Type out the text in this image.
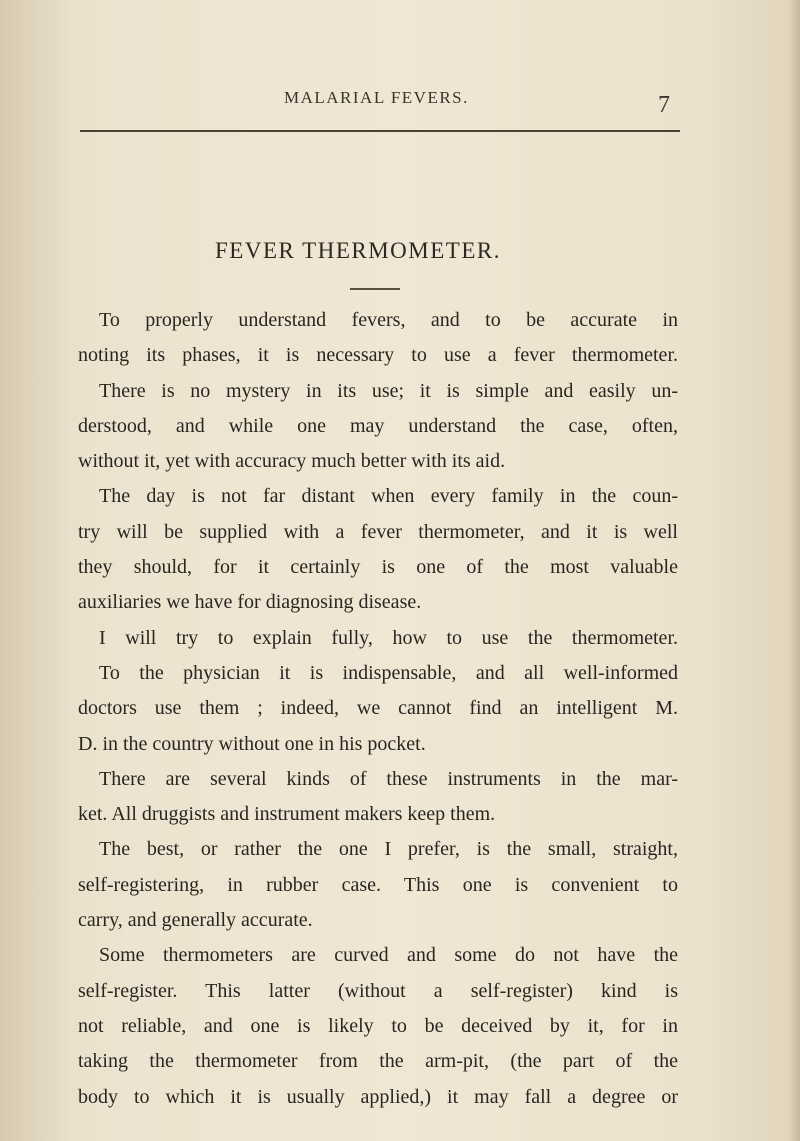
MALARIAL FEVERS.	7
FEVER THERMOMETER.
To properly understand fevers, and to be accurate in
noting its phases, it is necessary to use a fever thermometer.
There is no mystery in its use; it is simple and easily un-
derstood, and while one may understand the case, often,
without it, yet with accuracy much better with its aid.
The day is not far distant when every family in the coun-
try will be supplied with a fever thermometer, and it is well
they should, for it certainly is one of the most valuable
auxiliaries we have for diagnosing disease.
I will try to explain fully, how to use the thermometer.
To the physician it is indispensable, and all well-informed
doctors use them ; indeed, we cannot find an intelligent M.
D. in the country without one in his pocket.
There are several kinds of these instruments in the mar-
ket. All druggists and instrument makers keep them.
The best, or rather the one I prefer, is the small, straight,
self-registering, in rubber case. This one is convenient to
carry, and generally accurate.
Some thermometers are curved and some do not have the
self-register. This latter (without a self-register) kind is
not reliable, and one is likely to be deceived by it, for in
taking the thermometer from the arm-pit, (the part of the
body to which it is usually applied,) it may fall a degree or
